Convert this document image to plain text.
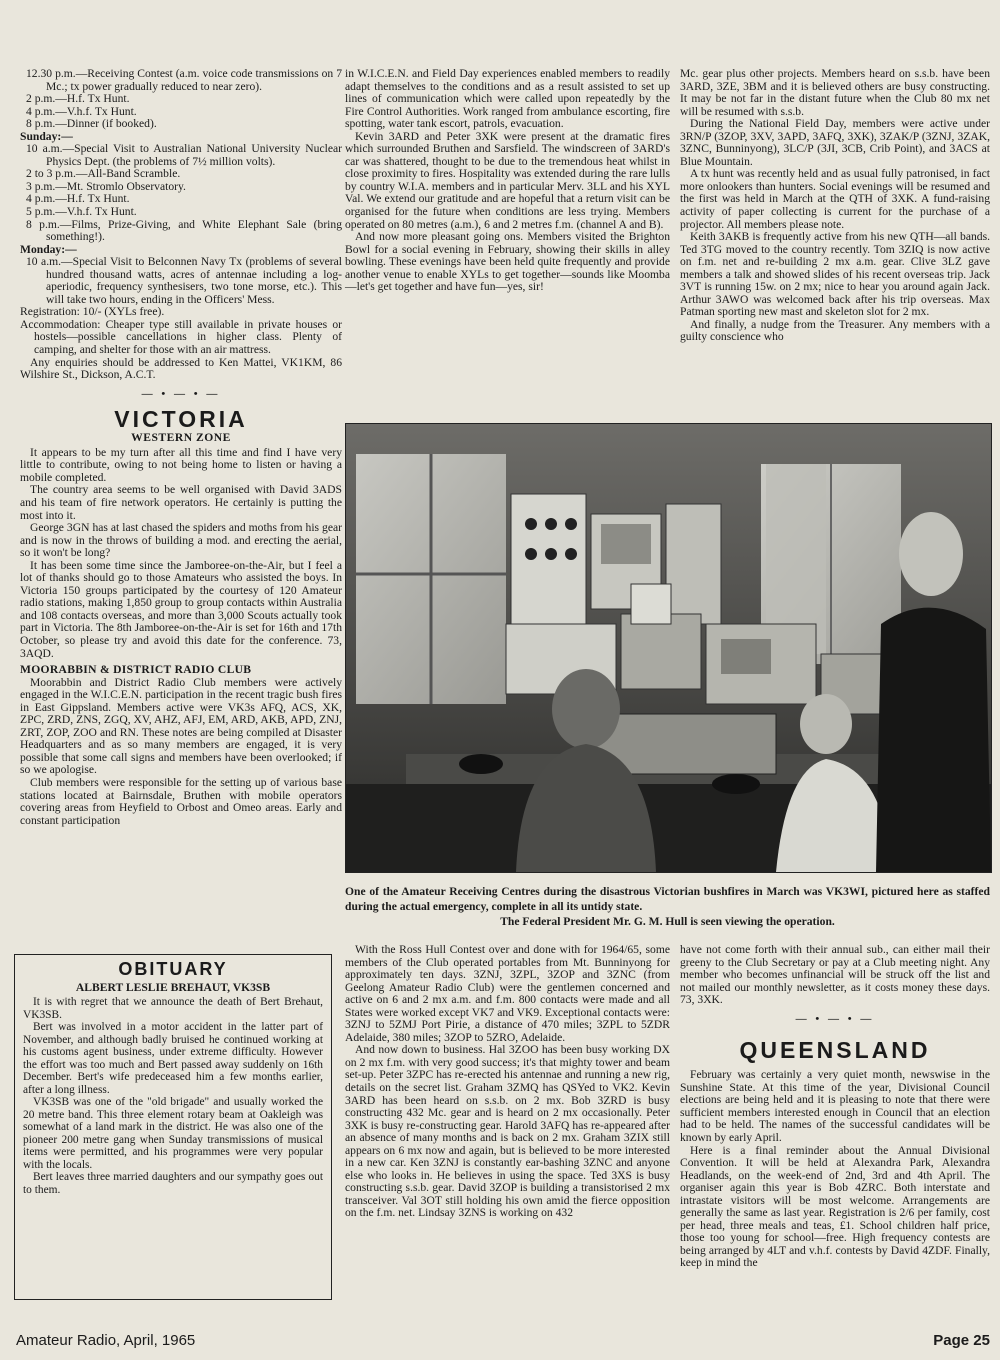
12.30 p.m.—Receiving Contest (a.m. voice code transmissions on 7 Mc.; tx power gradually reduced to near zero).
2 p.m.—H.f. Tx Hunt.
4 p.m.—V.h.f. Tx Hunt.
8 p.m.—Dinner (if booked).
Sunday:—
10 a.m.—Special Visit to Australian National University Nuclear Physics Dept. (the problems of 7½ million volts).
2 to 3 p.m.—All-Band Scramble.
3 p.m.—Mt. Stromlo Observatory.
4 p.m.—H.f. Tx Hunt.
5 p.m.—V.h.f. Tx Hunt.
8 p.m.—Films, Prize-Giving, and White Elephant Sale (bring something!).
Monday:—
10 a.m.—Special Visit to Belconnen Navy Tx (problems of several hundred thousand watts, acres of antennae including a log-aperiodic, frequency synthesisers, two tone morse, etc.). This will take two hours, ending in the Officers' Mess.
Registration: 10/- (XYLs free).
Accommodation: Cheaper type still available in private houses or hostels—possible cancellations in higher class. Plenty of camping, and shelter for those with an air mattress.

Any enquiries should be addressed to Ken Mattei, VK1KM, 86 Wilshire St., Dickson, A.C.T.

— • — • —
VICTORIA
WESTERN ZONE

It appears to be my turn after all this time and find I have very little to contribute, owing to not being home to listen or having a mobile completed.

The country area seems to be well organised with David 3ADS and his team of fire network operators. He certainly is putting the most into it.

George 3GN has at last chased the spiders and moths from his gear and is now in the throws of building a mod. and erecting the aerial, so it won't be long?

It has been some time since the Jamboree-on-the-Air, but I feel a lot of thanks should go to those Amateurs who assisted the boys. In Victoria 150 groups participated by the courtesy of 120 Amateur radio stations, making 1,850 group to group contacts within Australia and 108 contacts overseas, and more than 3,000 Scouts actually took part in Victoria. The 8th Jamboree-on-the-Air is set for 16th and 17th October, so please try and avoid this date for the conference. 73, 3AQD.

MOORABBIN & DISTRICT RADIO CLUB

Moorabbin and District Radio Club members were actively engaged in the W.I.C.E.N. participation in the recent tragic bush fires in East Gippsland. Members active were VK3s AFQ, ACS, XK, ZPC, ZRD, ZNS, ZGQ, XV, AHZ, AFJ, EM, ARD, AKB, APD, ZNJ, ZRT, ZOP, ZOO and RN. These notes are being compiled at Disaster Headquarters and as so many members are engaged, it is very possible that some call signs and members have been overlooked; if so we apologise.

Club members were responsible for the setting up of various base stations located at Bairnsdale, Bruthen with mobile operators covering areas from Heyfield to Orbost and Omeo areas. Early and constant participation

OBITUARY
ALBERT LESLIE BREHAUT, VK3SB

It is with regret that we announce the death of Bert Brehaut, VK3SB.

Bert was involved in a motor accident in the latter part of November, and although badly bruised he continued working at his customs agent business, under extreme difficulty. However the effort was too much and Bert passed away suddenly on 16th December. Bert's wife predeceased him a few months earlier, after a long illness.

VK3SB was one of the "old brigade" and usually worked the 20 metre band. This three element rotary beam at Oakleigh was somewhat of a land mark in the district. He was also one of the pioneer 200 metre gang when Sunday transmissions of musical items were permitted, and his programmes were very popular with the locals.

Bert leaves three married daughters and our sympathy goes out to them.

in W.I.C.E.N. and Field Day experiences enabled members to readily adapt themselves to the conditions and as a result assisted to set up lines of communication which were called upon repeatedly by the Fire Control Authorities. Work ranged from ambulance escorting, fire spotting, water tank escort, patrols, evacuation.

Kevin 3ARD and Peter 3XK were present at the dramatic fires which surrounded Bruthen and Sarsfield. The windscreen of 3ARD's car was shattered, thought to be due to the tremendous heat whilst in close proximity to fires. Hospitality was extended during the rare lulls by country W.I.A. members and in particular Merv. 3LL and his XYL Val. We extend our gratitude and are hopeful that a return visit can be organised for the future when conditions are less trying. Members operated on 80 metres (a.m.), 6 and 2 metres f.m. (channel A and B).

And now more pleasant going ons. Members visited the Brighton Bowl for a social evening in February, showing their skills in alley bowling. These evenings have been held quite frequently and provide another venue to enable XYLs to get together—sounds like Moomba—let's get together and have fun—yes, sir!

Mc. gear plus other projects. Members heard on s.s.b. have been 3ARD, 3ZE, 3BM and it is believed others are busy constructing. It may be not far in the distant future when the Club 80 mx net will be resumed with s.s.b.

During the National Field Day, members were active under 3RN/P (3ZOP, 3XV, 3APD, 3AFQ, 3XK), 3ZAK/P (3ZNJ, 3ZAK, 3ZNC, Bunninyong), 3LC/P (3JI, 3CB, Crib Point), and 3ACS at Blue Mountain.

A tx hunt was recently held and as usual fully patronised, in fact more onlookers than hunters. Social evenings will be resumed and the first was held in March at the QTH of 3XK. A fund-raising activity of paper collecting is current for the purchase of a projector. All members please note.

Keith 3AKB is frequently active from his new QTH—all bands. Ted 3TG moved to the country recently. Tom 3ZIQ is now active on f.m. net and re-building 2 mx a.m. gear. Clive 3LZ gave members a talk and showed slides of his recent overseas trip. Jack 3VT is running 15w. on 2 mx; nice to hear you around again Jack. Arthur 3AWO was welcomed back after his trip overseas. Max Patman sporting new mast and skeleton slot for 2 mx.

And finally, a nudge from the Treasurer. Any members with a guilty conscience who

One of the Amateur Receiving Centres during the disastrous Victorian bushfires in March was VK3WI, pictured here as staffed during the actual emergency, complete in all its untidy state.
The Federal President Mr. G. M. Hull is seen viewing the operation.

With the Ross Hull Contest over and done with for 1964/65, some members of the Club operated portables from Mt. Bunninyong for approximately ten days. 3ZNJ, 3ZPL, 3ZOP and 3ZNC (from Geelong Amateur Radio Club) were the gentlemen concerned and active on 6 and 2 mx a.m. and f.m. 800 contacts were made and all States were worked except VK7 and VK9. Exceptional contacts were: 3ZNJ to 5ZMJ Port Pirie, a distance of 470 miles; 3ZPL to 5ZDR Adelaide, 380 miles; 3ZOP to 5ZRO, Adelaide.

And now down to business. Hal 3ZOO has been busy working DX on 2 mx f.m. with very good success; it's that mighty tower and beam set-up. Peter 3ZPC has re-erected his antennae and running a new rig, details on the secret list. Graham 3ZMQ has QSYed to VK2. Kevin 3ARD has been heard on s.s.b. on 2 mx. Bob 3ZRD is busy constructing 432 Mc. gear and is heard on 2 mx occasionally. Peter 3XK is busy re-constructing gear. Harold 3AFQ has re-appeared after an absence of many months and is back on 2 mx. Graham 3ZIX still appears on 6 mx now and again, but is believed to be more interested in a new car. Ken 3ZNJ is constantly ear-bashing 3ZNC and anyone else who looks in. He believes in using the space. Ted 3XS is busy constructing s.s.b. gear. David 3ZOP is building a transistorised 2 mx transceiver. Val 3OT still holding his own amid the fierce opposition on the f.m. net. Lindsay 3ZNS is working on 432

have not come forth with their annual sub., can either mail their greeny to the Club Secretary or pay at a Club meeting night. Any member who becomes unfinancial will be struck off the list and not mailed our monthly newsletter, as it costs money these days. 73, 3XK.

— • — • —
QUEENSLAND

February was certainly a very quiet month, newswise in the Sunshine State. At this time of the year, Divisional Council elections are being held and it is pleasing to note that there were sufficient members interested enough in Council that an election had to be held. The names of the successful candidates will be known by early April.

Here is a final reminder about the Annual Divisional Convention. It will be held at Alexandra Park, Alexandra Headlands, on the week-end of 2nd, 3rd and 4th April. The organiser again this year is Bob 4ZRC. Both interstate and intrastate visitors will be most welcome. Arrangements are generally the same as last year. Registration is 2/6 per family, cost per head, three meals and teas, £1. School children half price, those too young for school—free. High frequency contests are being arranged by 4LT and v.h.f. contests by David 4ZDF. Finally, keep in mind the

Amateur Radio, April, 1965	Page 25
